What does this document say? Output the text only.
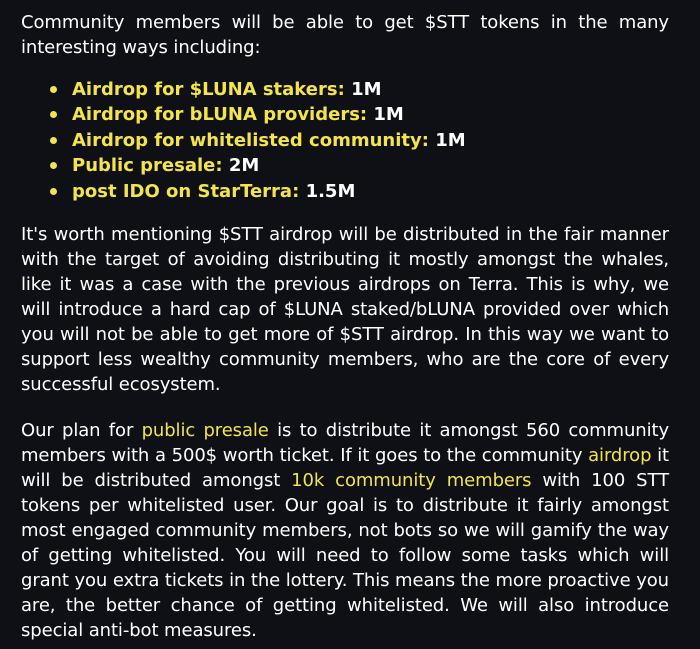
Community members will be able to get $STT tokens in the many interesting ways including:

Airdrop for $LUNA stakers: 1M
Airdrop for bLUNA providers: 1M
Airdrop for whitelisted community: 1M
Public presale: 2M
post IDO on StarTerra: 1.5M

It's worth mentioning $STT airdrop will be distributed in the fair manner with the target of avoiding distributing it mostly amongst the whales, like it was a case with the previous airdrops on Terra. This is why, we will introduce a hard cap of $LUNA staked/bLUNA provided over which you will not be able to get more of $STT airdrop. In this way we want to support less wealthy community members, who are the core of every successful ecosystem.

Our plan for public presale is to distribute it amongst 560 community members with a 500$ worth ticket. If it goes to the community airdrop it will be distributed amongst 10k community members with 100 STT tokens per whitelisted user. Our goal is to distribute it fairly amongst most engaged community members, not bots so we will gamify the way of getting whitelisted. You will need to follow some tasks which will grant you extra tickets in the lottery. This means the more proactive you are, the better chance of getting whitelisted. We will also introduce special anti-bot measures.
